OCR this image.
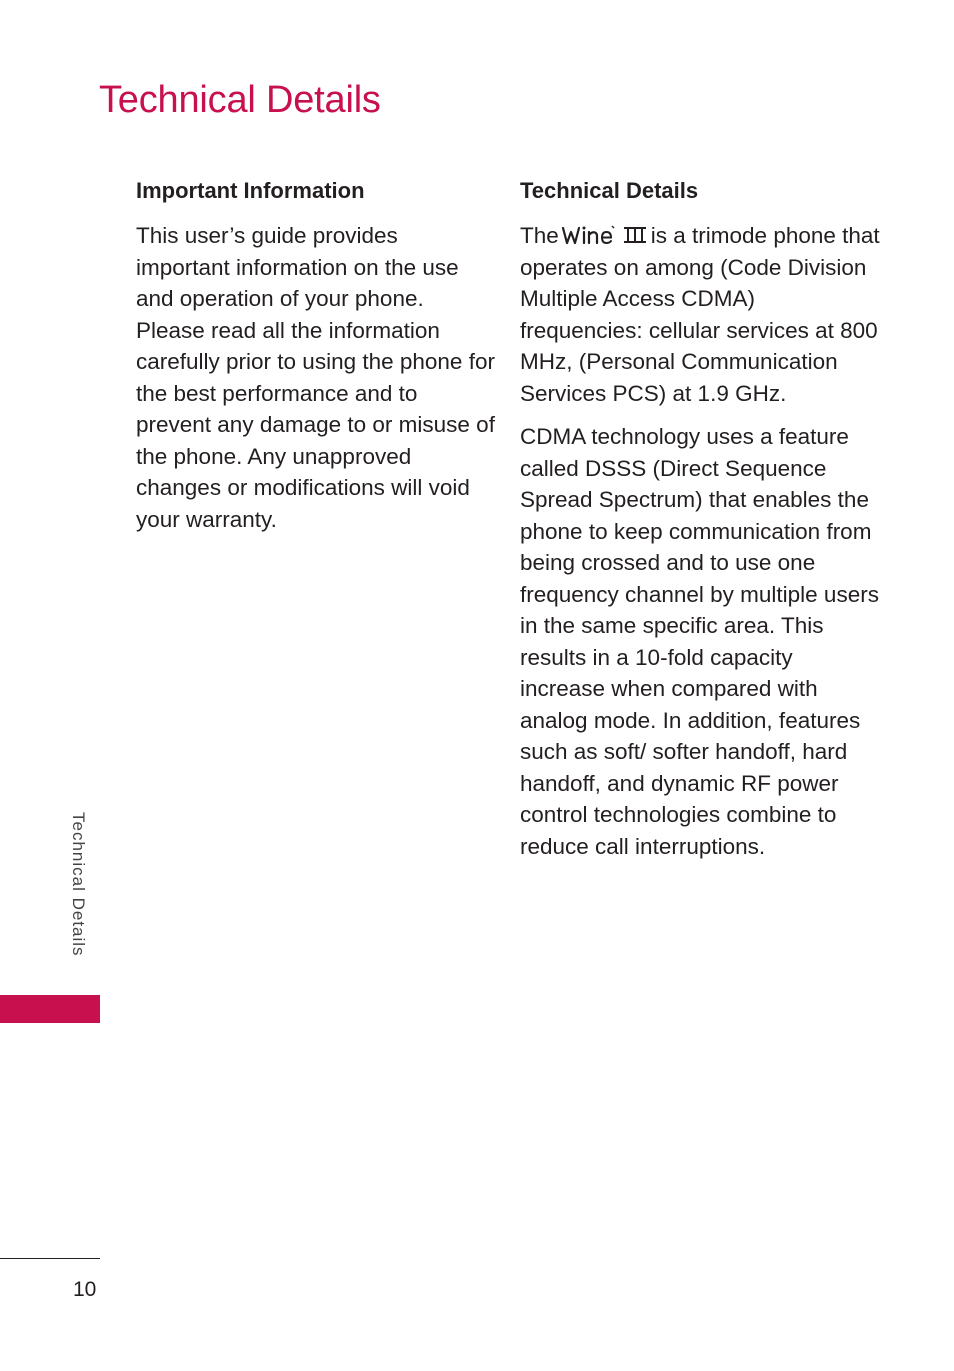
Technical Details
Important Information

This user’s guide provides important information on the use and operation of your phone. Please read all the information carefully prior to using the phone for the best performance and to prevent any damage to or misuse of the phone. Any unapproved changes or modifications will void your warranty.

Technical Details

The	is a trimode phone that operates on among (Code Division Multiple Access CDMA) frequencies: cellular services at 800 MHz, (Personal Communication Services PCS) at 1.9 GHz.

CDMA technology uses a feature called DSSS (Direct Sequence Spread Spectrum) that enables the phone to keep communication from being crossed and to use one frequency channel by multiple users in the same specific area. This results in a 10-fold capacity increase when compared with analog mode. In addition, features such as soft/ softer handoff, hard handoff, and dynamic RF power control technologies combine to reduce call interruptions.

Technical Details
10
